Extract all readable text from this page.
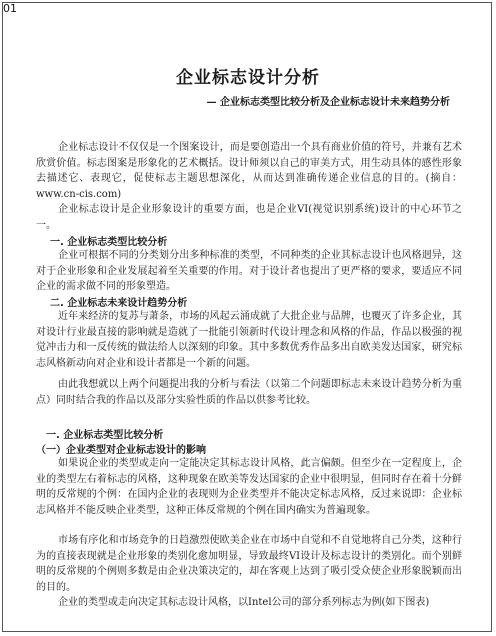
01
企业标志设计分析
— 企业标志类型比较分析及企业标志设计未来趋势分析

企业标志设计不仅仅是一个图案设计，而是要创造出一个具有商业价值的符号，并兼有艺术欣赏价值。标志图案是形象化的艺术概括。设计师须以自己的审美方式，用生动具体的感性形象去描述它、表现它，促使标志主题思想深化，从而达到准确传递企业信息的目的。(摘自：www.cn-cis.com)

企业标志设计是企业形象设计的重要方面，也是企业VI(视觉识别系统)设计的中心环节之一。

一. 企业标志类型比较分析

企业可根据不同的分类划分出多种标准的类型，不同种类的企业其标志设计也风格迥异，这对于企业形象和企业发展起着至关重要的作用。对于设计者也提出了更严格的要求，要适应不同企业的需求做不同的形象塑造。

二. 企业标志未来设计趋势分析

近年来经济的复苏与萧条，市场的风起云涌成就了大批企业与品牌，也覆灭了许多企业，其对设计行业最直接的影响就是造就了一批能引领新时代设计理念和风格的作品，作品以极强的视觉冲击力和一反传统的做法给人以深刻的印象。其中多数优秀作品多出自欧美发达国家，研究标志风格新动向对企业和设计者都是一个新的问题。

由此我想就以上两个问题提出我的分析与看法（以第二个问题即标志未来设计趋势分析为重点）同时结合我的作品以及部分实验性质的作品以供参考比较。

一. 企业标志类型比较分析
（一）企业类型对企业标志设计的影响

如果说企业的类型或走向一定能决定其标志设计风格，此言偏颇。但至少在一定程度上，企业的类型左右着标志的风格，这种现象在欧美等发达国家的企业中很明显，但同时存在着十分鲜明的反常规的个例：在国内企业的表现则为企业类型并不能决定标志风格，反过来说即：企业标志风格并不能反映企业类型，这种正体反常规的个例在国内确实为普遍现象。

市场有序化和市场竞争的日趋激烈使欧美企业在市场中自觉和不自觉地将自己分类，这种行为的直接表现就是企业形象的类别化愈加明显，导致最终VI设计及标志设计的类别化。而个别鲜明的反常规的个例则多数是由企业决策决定的，却在客观上达到了吸引受众使企业形象脱颖而出的目的。

企业的类型或走向决定其标志设计风格，以Intel公司的部分系列标志为例(如下图表)
